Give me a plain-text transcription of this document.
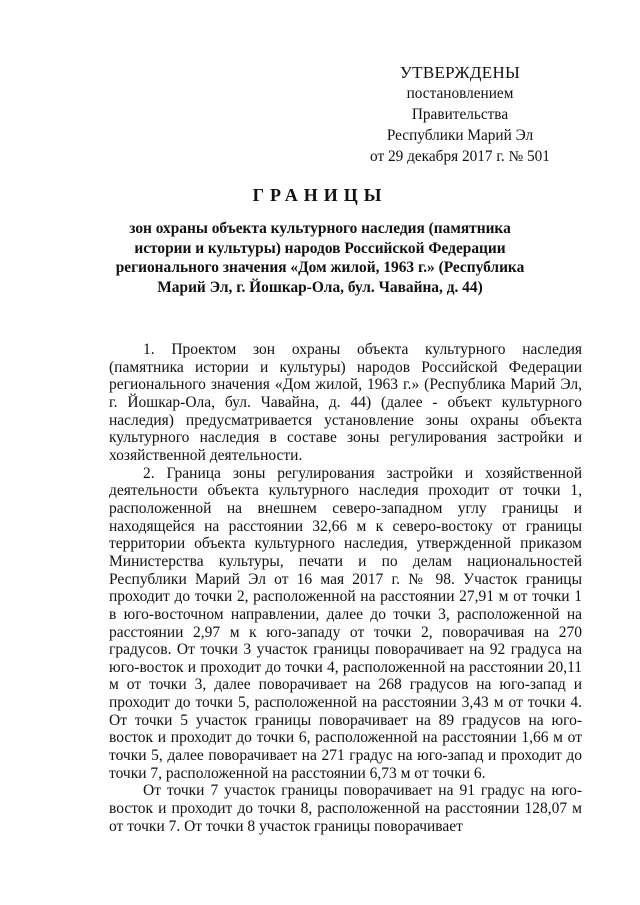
УТВЕРЖДЕНЫ
постановлением Правительства
Республики Марий Эл
от 29 декабря 2017 г. № 501
ГРАНИЦЫ
зон охраны объекта культурного наследия (памятника истории и культуры) народов Российской Федерации регионального значения «Дом жилой, 1963 г.» (Республика Марий Эл, г. Йошкар-Ола, бул. Чавайна, д. 44)

1. Проектом зон охраны объекта культурного наследия (памятника истории и культуры) народов Российской Федерации регионального значения «Дом жилой, 1963 г.» (Республика Марий Эл, г. Йошкар-Ола, бул. Чавайна, д. 44) (далее - объект культурного наследия) предусматривается установление зоны охраны объекта культурного наследия в составе зоны регулирования застройки и хозяйственной деятельности.

2. Граница зоны регулирования застройки и хозяйственной деятельности объекта культурного наследия проходит от точки 1, расположенной на внешнем северо-западном углу границы и находящейся на расстоянии 32,66 м к северо-востоку от границы территории объекта культурного наследия, утвержденной приказом Министерства культуры, печати и по делам национальностей Республики Марий Эл от 16 мая 2017 г. № 98. Участок границы проходит до точки 2, расположенной на расстоянии 27,91 м от точки 1 в юго-восточном направлении, далее до точки 3, расположенной на расстоянии 2,97 м к юго-западу от точки 2, поворачивая на 270 градусов. От точки 3 участок границы поворачивает на 92 градуса на юго-восток и проходит до точки 4, расположенной на расстоянии 20,11 м от точки 3, далее поворачивает на 268 градусов на юго-запад и проходит до точки 5, расположенной на расстоянии 3,43 м от точки 4. От точки 5 участок границы поворачивает на 89 градусов на юго-восток и проходит до точки 6, расположенной на расстоянии 1,66 м от точки 5, далее поворачивает на 271 градус на юго-запад и проходит до точки 7, расположенной на расстоянии 6,73 м от точки 6.

От точки 7 участок границы поворачивает на 91 градус на юго-восток и проходит до точки 8, расположенной на расстоянии 128,07 м от точки 7. От точки 8 участок границы поворачивает
